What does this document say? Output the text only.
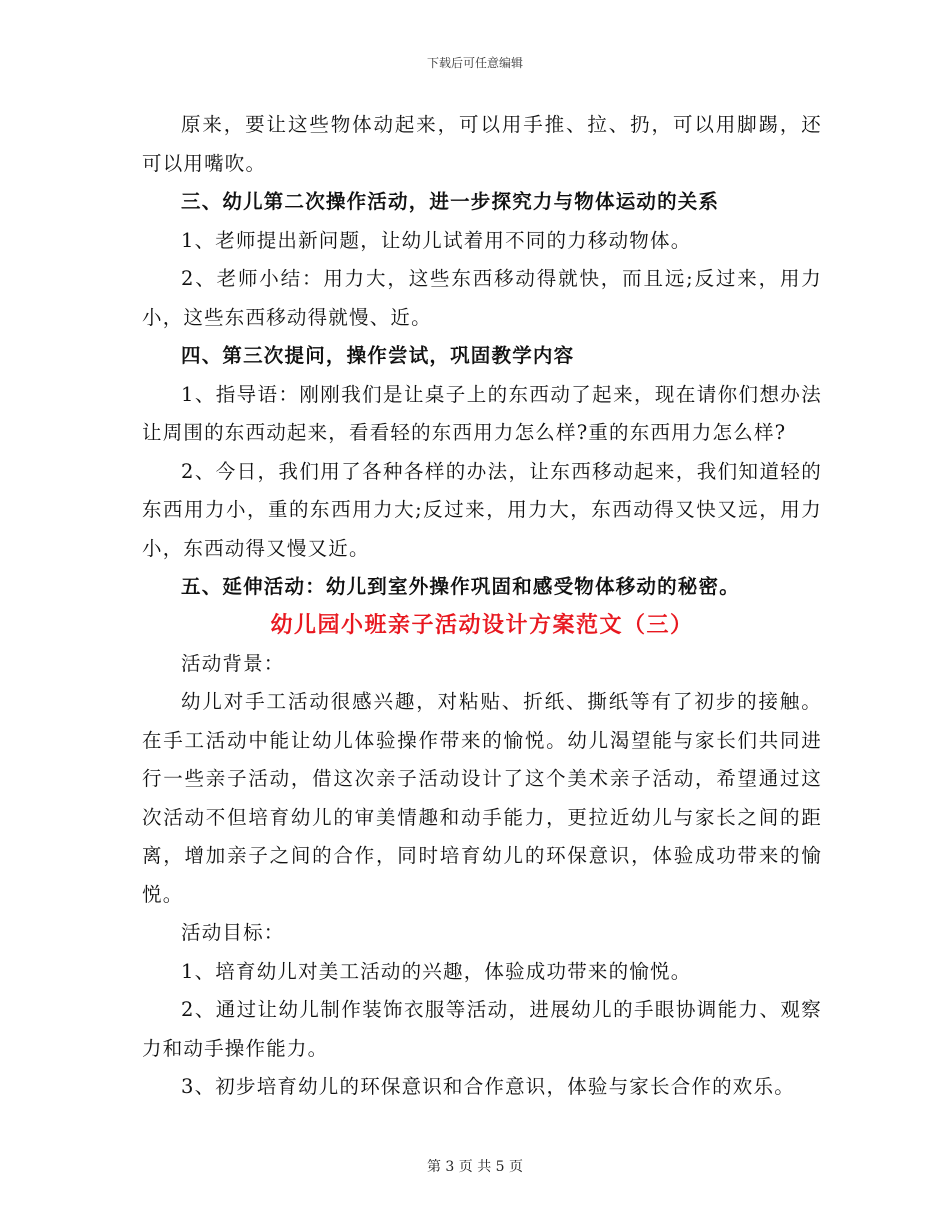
下载后可任意编辑

原来，要让这些物体动起来，可以用手推、拉、扔，可以用脚踢，还可以用嘴吹。

三、幼儿第二次操作活动，进一步探究力与物体运动的关系

1、老师提出新问题，让幼儿试着用不同的力移动物体。

2、老师小结：用力大，这些东西移动得就快，而且远;反过来，用力小，这些东西移动得就慢、近。

四、第三次提问，操作尝试，巩固教学内容

1、指导语：刚刚我们是让桌子上的东西动了起来，现在请你们想办法让周围的东西动起来，看看轻的东西用力怎么样?重的东西用力怎么样?

2、今日，我们用了各种各样的办法，让东西移动起来，我们知道轻的东西用力小，重的东西用力大;反过来，用力大，东西动得又快又远，用力小，东西动得又慢又近。

五、延伸活动：幼儿到室外操作巩固和感受物体移动的秘密。

幼儿园小班亲子活动设计方案范文（三）

活动背景：

幼儿对手工活动很感兴趣，对粘贴、折纸、撕纸等有了初步的接触。在手工活动中能让幼儿体验操作带来的愉悦。幼儿渴望能与家长们共同进行一些亲子活动，借这次亲子活动设计了这个美术亲子活动，希望通过这次活动不但培育幼儿的审美情趣和动手能力，更拉近幼儿与家长之间的距离，增加亲子之间的合作，同时培育幼儿的环保意识，体验成功带来的愉悦。

活动目标：

1、培育幼儿对美工活动的兴趣，体验成功带来的愉悦。

2、通过让幼儿制作装饰衣服等活动，进展幼儿的手眼协调能力、观察力和动手操作能力。

3、初步培育幼儿的环保意识和合作意识，体验与家长合作的欢乐。

第 3 页 共 5 页
